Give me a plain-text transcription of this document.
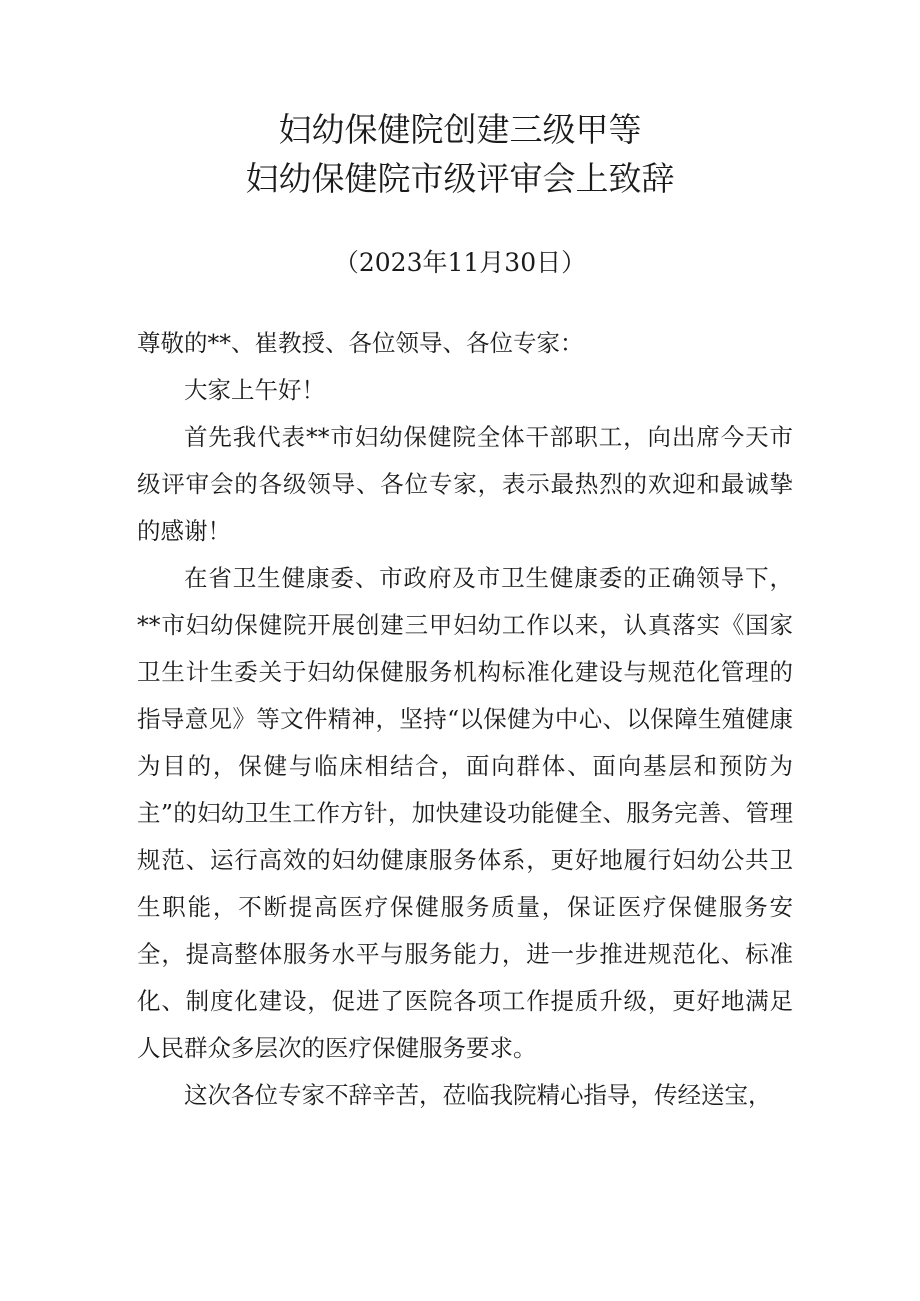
妇幼保健院创建三级甲等
妇幼保健院市级评审会上致辞
（2023年11月30日）

尊敬的**、崔教授、各位领导、各位专家：

大家上午好！

首先我代表**市妇幼保健院全体干部职工，向出席今天市级评审会的各级领导、各位专家，表示最热烈的欢迎和最诚挚的感谢！

在省卫生健康委、市政府及市卫生健康委的正确领导下，**市妇幼保健院开展创建三甲妇幼工作以来，认真落实《国家卫生计生委关于妇幼保健服务机构标准化建设与规范化管理的指导意见》等文件精神，坚持“以保健为中心、以保障生殖健康为目的，保健与临床相结合，面向群体、面向基层和预防为主”的妇幼卫生工作方针，加快建设功能健全、服务完善、管理规范、运行高效的妇幼健康服务体系，更好地履行妇幼公共卫生职能，不断提高医疗保健服务质量，保证医疗保健服务安全，提高整体服务水平与服务能力，进一步推进规范化、标准化、制度化建设，促进了医院各项工作提质升级，更好地满足人民群众多层次的医疗保健服务要求。

这次各位专家不辞辛苦，莅临我院精心指导，传经送宝，
